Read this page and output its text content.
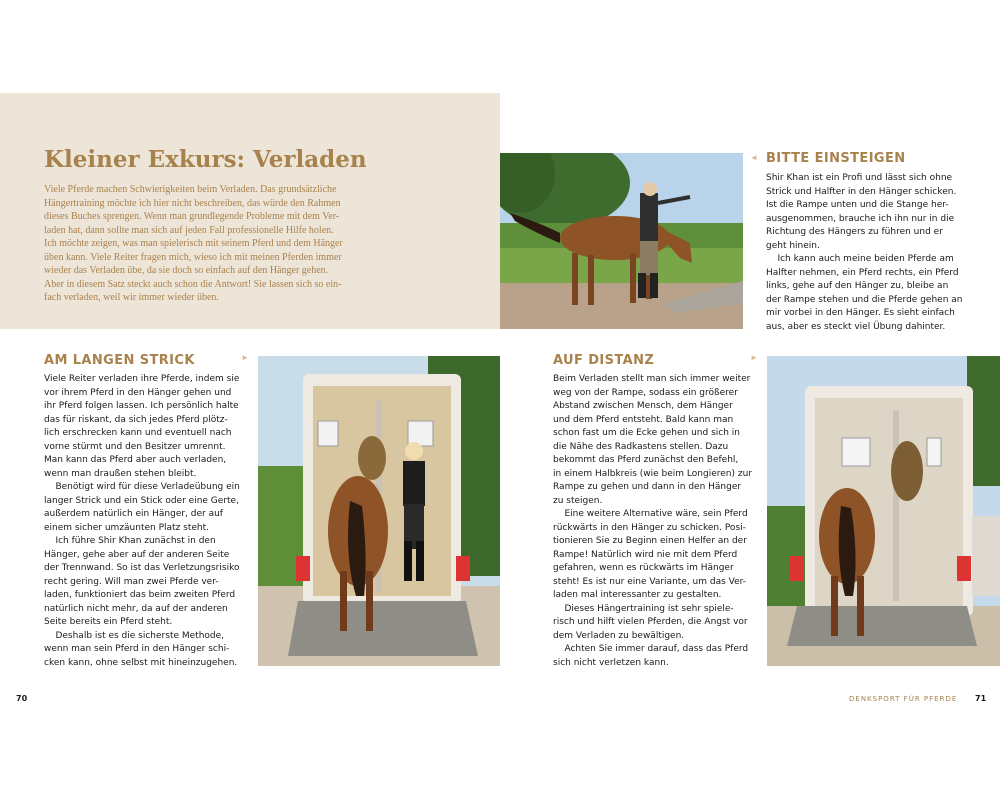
Kleiner Exkurs: Verladen
Viele Pferde machen Schwierigkeiten beim Verladen. Das grundsätzliche
Hängertraining möchte ich hier nicht beschreiben, das würde den Rahmen
dieses Buches sprengen. Wenn man grundlegende Probleme mit dem Ver-
laden hat, dann sollte man sich auf jeden Fall professionelle Hilfe holen.
Ich möchte zeigen, was man spielerisch mit seinem Pferd und dem Hänger
üben kann. Viele Reiter fragen mich, wieso ich mit meinen Pferden immer
wieder das Verladen übe, da sie doch so einfach auf den Hänger gehen.
Aber in diesem Satz steckt auch schon die Antwort! Sie lassen sich so ein-
fach verladen, weil wir immer wieder üben.
◄ BITTE EINSTEIGEN
Shir Khan ist ein Profi und lässt sich ohne
Strick und Halfter in den Hänger schicken.
Ist die Rampe unten und die Stange her-
ausgenommen, brauche ich ihn nur in die
Richtung des Hängers zu führen und er
geht hinein.
Ich kann auch meine beiden Pferde am
Halfter nehmen, ein Pferd rechts, ein Pferd
links, gehe auf den Hänger zu, bleibe an
der Rampe stehen und die Pferde gehen an
mir vorbei in den Hänger. Es sieht einfach
aus, aber es steckt viel Übung dahinter.
AM LANGEN STRICK	►
Viele Reiter verladen ihre Pferde, indem sie
vor ihrem Pferd in den Hänger gehen und
ihr Pferd folgen lassen. Ich persönlich halte
das für riskant, da sich jedes Pferd plötz-
lich erschrecken kann und eventuell nach
vorne stürmt und den Besitzer umrennt.
Man kann das Pferd aber auch verladen,
wenn man draußen stehen bleibt.
Benötigt wird für diese Verladeübung ein
langer Strick und ein Stick oder eine Gerte,
außerdem natürlich ein Hänger, der auf
einem sicher umzäunten Platz steht.
Ich führe Shir Khan zunächst in den
Hänger, gehe aber auf der anderen Seite
der Trennwand. So ist das Verletzungsrisiko
recht gering. Will man zwei Pferde ver-
laden, funktioniert das beim zweiten Pferd
natürlich nicht mehr, da auf der anderen
Seite bereits ein Pferd steht.
Deshalb ist es die sicherste Methode,
wenn man sein Pferd in den Hänger schi-
cken kann, ohne selbst mit hineinzugehen.
AUF DISTANZ	►
Beim Verladen stellt man sich immer weiter
weg von der Rampe, sodass ein größerer
Abstand zwischen Mensch, dem Hänger
und dem Pferd entsteht. Bald kann man
schon fast um die Ecke gehen und sich in
die Nähe des Radkastens stellen. Dazu
bekommt das Pferd zunächst den Befehl,
in einem Halbkreis (wie beim Longieren) zur
Rampe zu gehen und dann in den Hänger
zu steigen.
Eine weitere Alternative wäre, sein Pferd
rückwärts in den Hänger zu schicken. Posi-
tionieren Sie zu Beginn einen Helfer an der
Rampe! Natürlich wird nie mit dem Pferd
gefahren, wenn es rückwärts im Hänger
steht! Es ist nur eine Variante, um das Ver-
laden mal interessanter zu gestalten.
Dieses Hängertraining ist sehr spiele-
risch und hilft vielen Pferden, die Angst vor
dem Verladen zu bewältigen.
Achten Sie immer darauf, dass das Pferd
sich nicht verletzen kann.
70	DENKSPORT FÜR PFERDE 71
